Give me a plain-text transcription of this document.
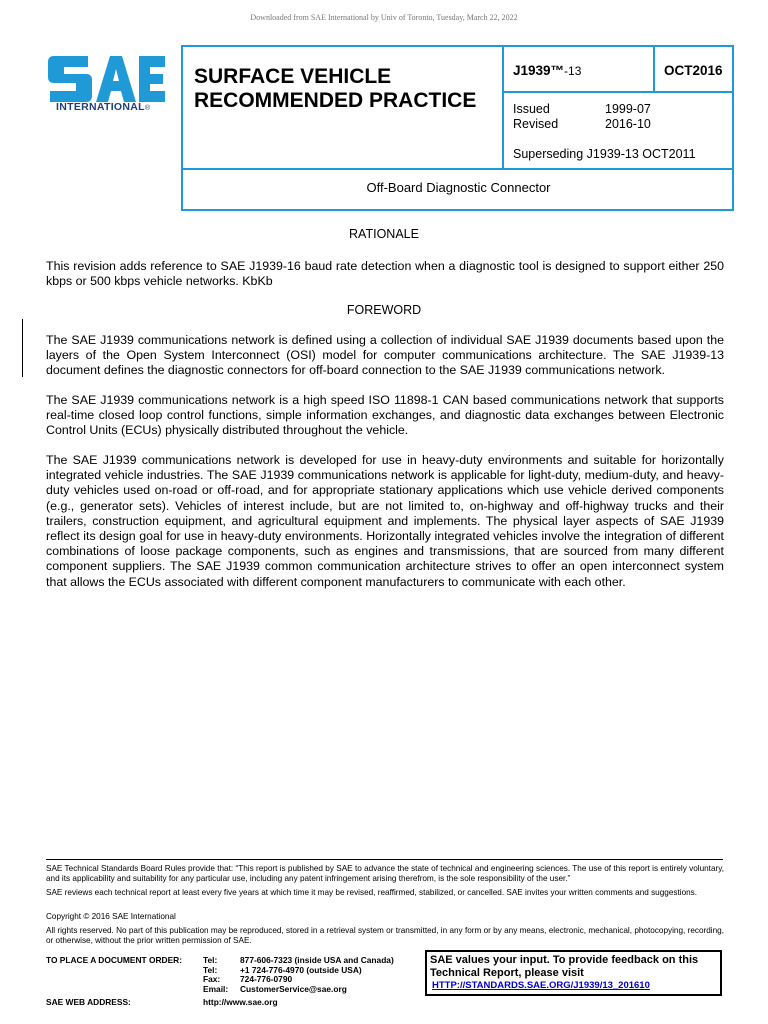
Downloaded from SAE International by Univ of Toronto, Tuesday, March 22, 2022
INTERNATIONAL®
SURFACE VEHICLE
RECOMMENDED PRACTICE
J1939™-13	OCT2016
Issued	1999-07
Revised	2016-10
Superseding J1939-13 OCT2011
Off-Board Diagnostic Connector
RATIONALE
This revision adds reference to SAE J1939-16 baud rate detection when a diagnostic tool is designed to support either 250 kbps or 500 kbps vehicle networks. KbKb
FOREWORD
The SAE J1939 communications network is defined using a collection of individual SAE J1939 documents based upon the layers of the Open System Interconnect (OSI) model for computer communications architecture. The SAE J1939-13 document defines the diagnostic connectors for off-board connection to the SAE J1939 communications network.
The SAE J1939 communications network is a high speed ISO 11898-1 CAN based communications network that supports real-time closed loop control functions, simple information exchanges, and diagnostic data exchanges between Electronic Control Units (ECUs) physically distributed throughout the vehicle.
The SAE J1939 communications network is developed for use in heavy-duty environments and suitable for horizontally integrated vehicle industries. The SAE J1939 communications network is applicable for light-duty, medium-duty, and heavy-duty vehicles used on-road or off-road, and for appropriate stationary applications which use vehicle derived components (e.g., generator sets). Vehicles of interest include, but are not limited to, on-highway and off-highway trucks and their trailers, construction equipment, and agricultural equipment and implements. The physical layer aspects of SAE J1939 reflect its design goal for use in heavy-duty environments. Horizontally integrated vehicles involve the integration of different combinations of loose package components, such as engines and transmissions, that are sourced from many different component suppliers. The SAE J1939 common communication architecture strives to offer an open interconnect system that allows the ECUs associated with different component manufacturers to communicate with each other.
SAE Technical Standards Board Rules provide that: “This report is published by SAE to advance the state of technical and engineering sciences. The use of this report is entirely voluntary, and its applicability and suitability for any particular use, including any patent infringement arising therefrom, is the sole responsibility of the user.”
SAE reviews each technical report at least every five years at which time it may be revised, reaffirmed, stabilized, or cancelled. SAE invites your written comments and suggestions.
Copyright © 2016 SAE International
All rights reserved. No part of this publication may be reproduced, stored in a retrieval system or transmitted, in any form or by any means, electronic, mechanical, photocopying, recording, or otherwise, without the prior written permission of SAE.
TO PLACE A DOCUMENT ORDER:	Tel:	877-606-7323 (inside USA and Canada)
Tel:	+1 724-776-4970 (outside USA)
Fax:	724-776-0790
Email:	CustomerService@sae.org
SAE WEB ADDRESS:	http://www.sae.org
SAE values your input. To provide feedback on this Technical Report, please visit
HTTP://STANDARDS.SAE.ORG/J1939/13_201610
